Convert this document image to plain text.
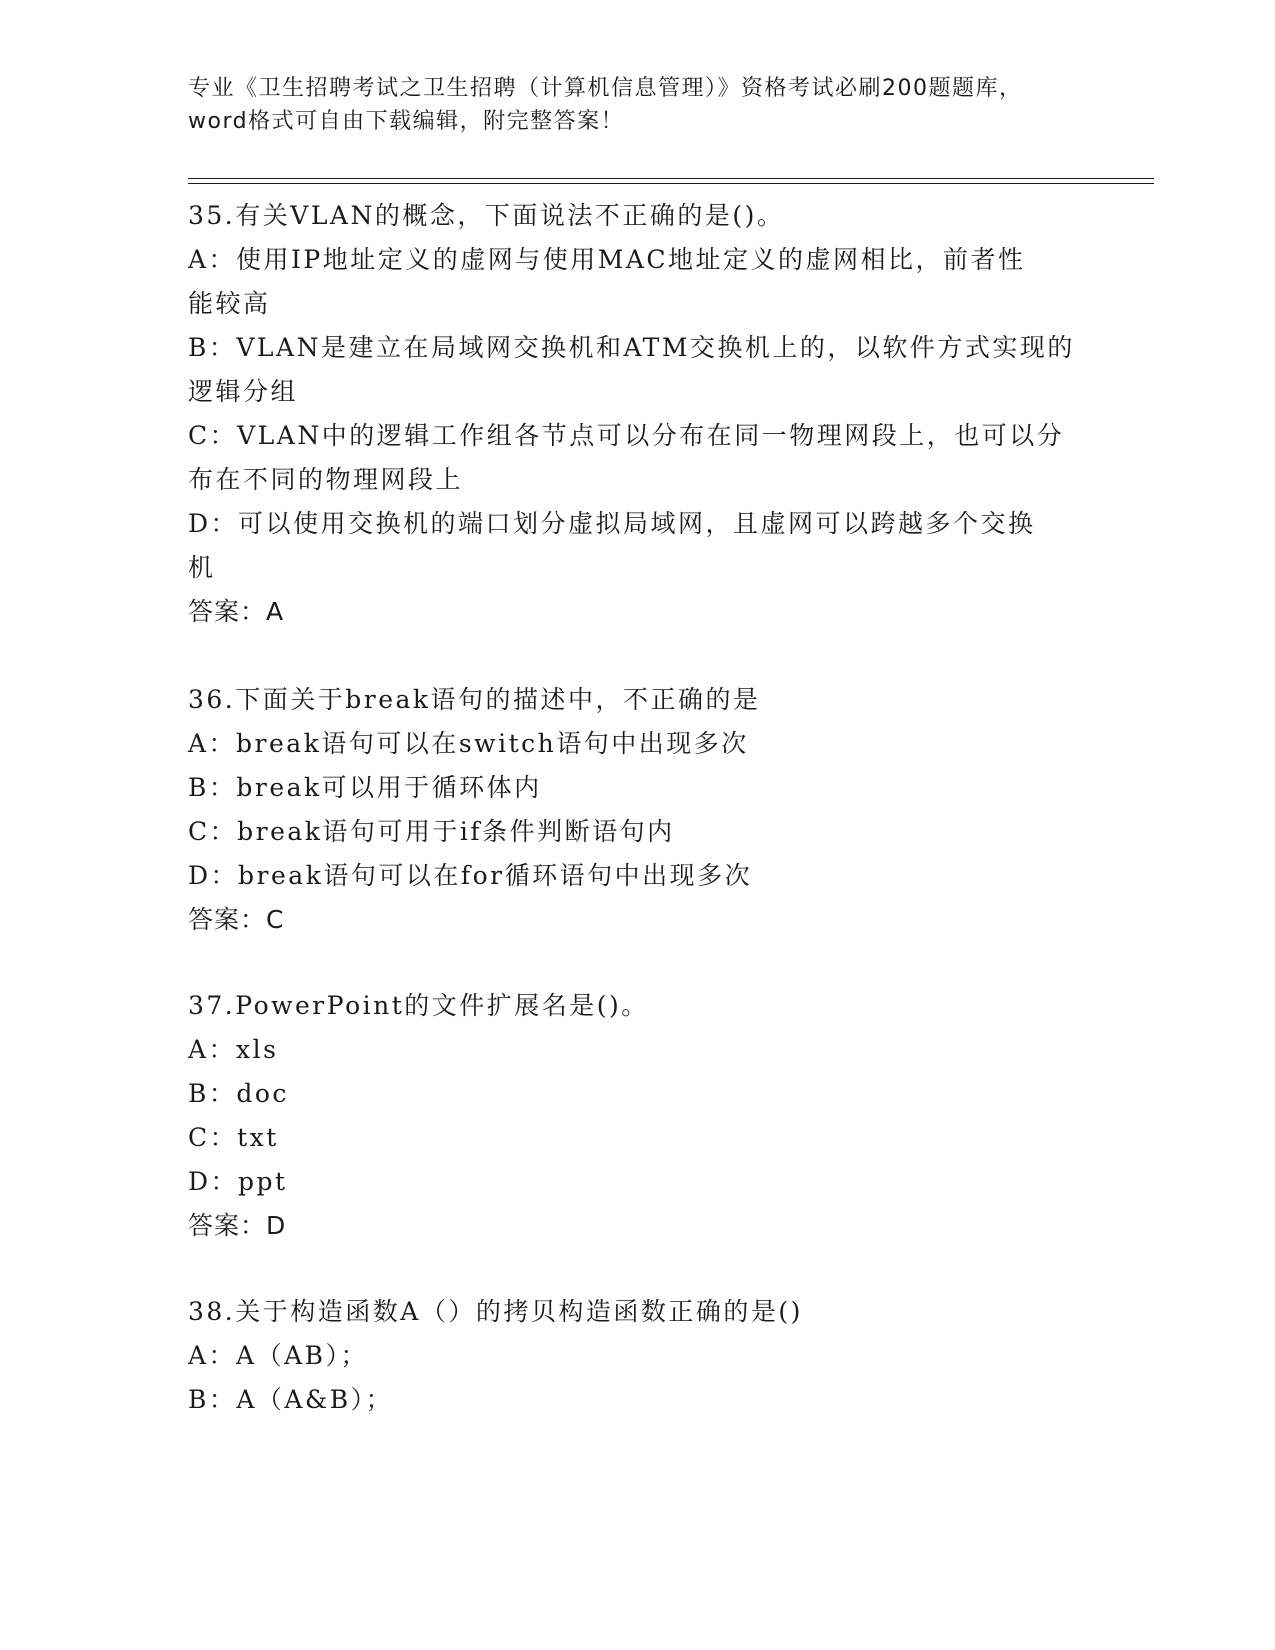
专业《卫生招聘考试之卫生招聘（计算机信息管理）》资格考试必刷200题题库，
word格式可自由下载编辑，附完整答案！
35.有关VLAN的概念，下面说法不正确的是()。
A：使用IP地址定义的虚网与使用MAC地址定义的虚网相比，前者性
能较高
B：VLAN是建立在局域网交换机和ATM交换机上的，以软件方式实现的
逻辑分组
C：VLAN中的逻辑工作组各节点可以分布在同一物理网段上，也可以分
布在不同的物理网段上
D：可以使用交换机的端口划分虚拟局域网，且虚网可以跨越多个交换
机
答案：A
36.下面关于break语句的描述中，不正确的是
A：break语句可以在switch语句中出现多次
B：break可以用于循环体内
C：break语句可用于if条件判断语句内
D：break语句可以在for循环语句中出现多次
答案：C
37.PowerPoint的文件扩展名是()。
A：xls
B：doc
C：txt
D：ppt
答案：D
38.关于构造函数A（）的拷贝构造函数正确的是()
A：A（AB）；
B：A（A&B）；
